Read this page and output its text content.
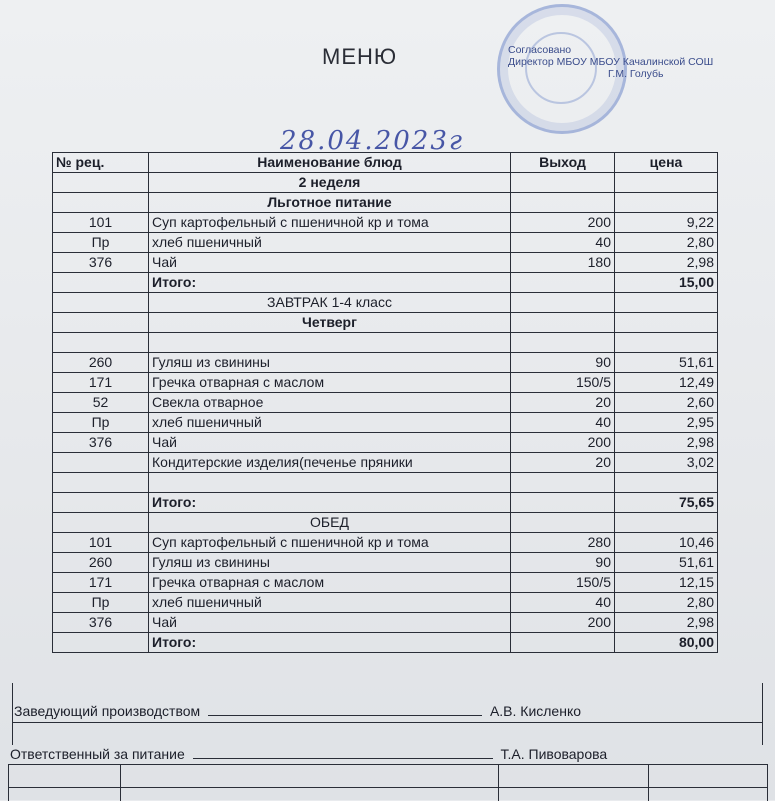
МЕНЮ	Согласовано
Директор МБОУ МБОУ Качалинской СОШ
Г.М. Голубь
28.04.2023г
№ рец.	Наименование блюд	Выход	цена
	2 неделя		
	Льготное питание		
101	Суп картофельный с пшеничной кр и тома	200	9,22
Пр	хлеб пшеничный	40	2,80
376	Чай	180	2,98
	Итого:		15,00
	ЗАВТРАК 1-4 класс		
	Четверг		

260	Гуляш из свинины	90	51,61
171	Гречка отварная с маслом	150/5	12,49
52	Свекла отварное	20	2,60
Пр	хлеб пшеничный	40	2,95
376	Чай	200	2,98
	Кондитерские изделия(печенье пряники	20	3,02

	Итого:		75,65
	ОБЕД		
101	Суп картофельный с пшеничной кр и тома	280	10,46
260	Гуляш из свинины	90	51,61
171	Гречка отварная с маслом	150/5	12,15
Пр	хлеб пшеничный	40	2,80
376	Чай	200	2,98
	Итого:		80,00
Заведующий производством	А.В. Кисленко
Ответственный за питание	Т.А. Пивоварова
